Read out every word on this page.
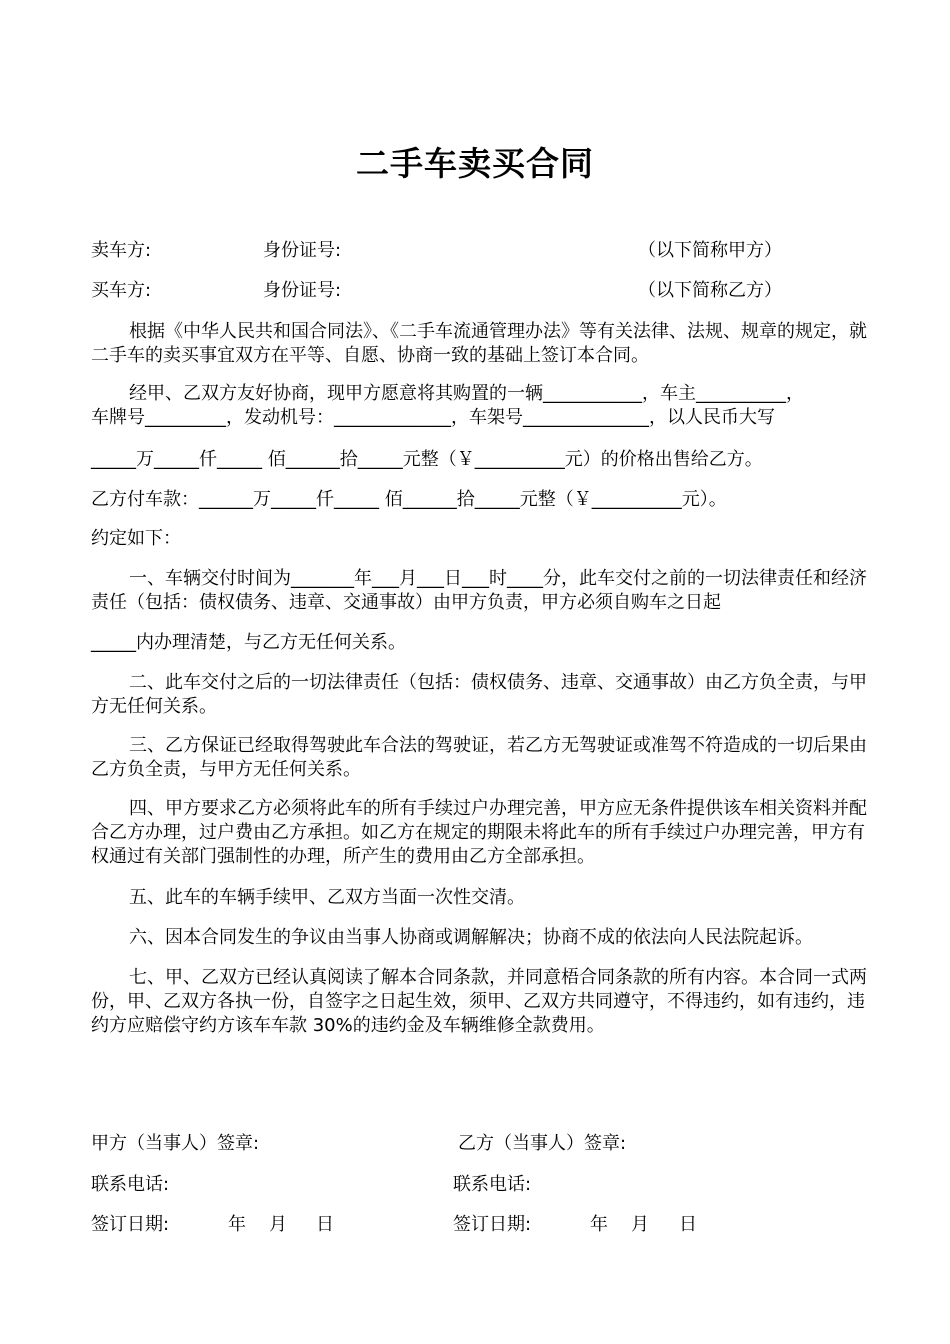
二手车卖买合同
卖车方:	身份证号:	（以下简称甲方）
买车方:	身份证号:	（以下简称乙方）
根据《中华人民共和国合同法》、《二手车流通管理办法》等有关法律、法规、规章的规定，就二手车的卖买事宜双方在平等、自愿、协商一致的基础上签订本合同。
经甲、乙双方友好协商，现甲方愿意将其购置的一辆___________，车主__________，
车牌号_________，发动机号：_____________，车架号______________，以人民币大写
_____万_____仟_____ 佰______拾_____元整（￥__________元）的价格出售给乙方。
乙方付车款：______万_____仟_____ 佰______拾_____元整（￥__________元）。
约定如下：
一、车辆交付时间为_______年___月___日___时____分，此车交付之前的一切法律责任和经济责任（包括：债权债务、违章、交通事故）由甲方负责，甲方必须自购车之日起
_____内办理清楚，与乙方无任何关系。
二、此车交付之后的一切法律责任（包括：债权债务、违章、交通事故）由乙方负全责，与甲方无任何关系。
三、乙方保证已经取得驾驶此车合法的驾驶证，若乙方无驾驶证或准驾不符造成的一切后果由乙方负全责，与甲方无任何关系。
四、甲方要求乙方必须将此车的所有手续过户办理完善，甲方应无条件提供该车相关资料并配合乙方办理，过户费由乙方承担。如乙方在规定的期限未将此车的所有手续过户办理完善，甲方有权通过有关部门强制性的办理，所产生的费用由乙方全部承担。
五、此车的车辆手续甲、乙双方当面一次性交清。
六、因本合同发生的争议由当事人协商或调解解决；协商不成的依法向人民法院起诉。
七、甲、乙双方已经认真阅读了解本合同条款，并同意梧合同条款的所有内容。本合同一式两份，甲、乙双方各执一份，自签字之日起生效，须甲、乙双方共同遵守，不得违约，如有违约，违约方应赔偿守约方该车车款 30%的违约金及车辆维修全款费用。
甲方（当事人）签章:
联系电话:
签订日期:	年 月 日
乙方（当事人）签章:
联系电话:
签订日期:	年 月 日
